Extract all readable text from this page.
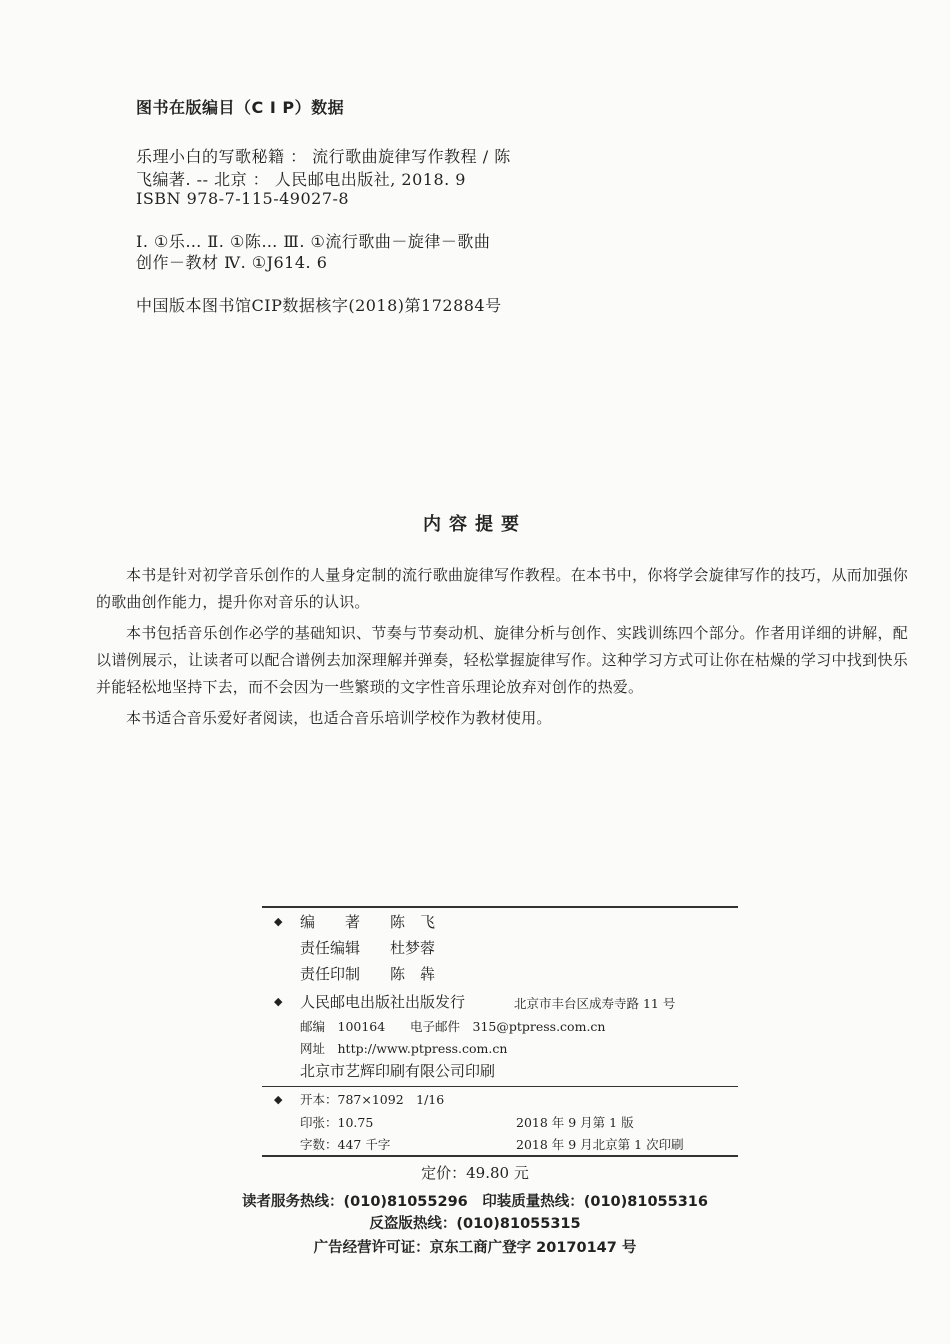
图书在版编目（C I P）数据
乐理小白的写歌秘籍 ： 流行歌曲旋律写作教程 / 陈
飞编著. -- 北京 ： 人民邮电出版社, 2018. 9
ISBN 978-7-115-49027-8
Ⅰ. ①乐… Ⅱ. ①陈… Ⅲ. ①流行歌曲－旋律－歌曲
创作－教材 Ⅳ. ①J614. 6
中国版本图书馆CIP数据核字(2018)第172884号
内容提要

本书是针对初学音乐创作的人量身定制的流行歌曲旋律写作教程。在本书中，你将学会旋律写作的技巧，从而加强你的歌曲创作能力，提升你对音乐的认识。

本书包括音乐创作必学的基础知识、节奏与节奏动机、旋律分析与创作、实践训练四个部分。作者用详细的讲解，配以谱例展示，让读者可以配合谱例去加深理解并弹奏，轻松掌握旋律写作。这种学习方式可让你在枯燥的学习中找到快乐并能轻松地坚持下去，而不会因为一些繁琐的文字性音乐理论放弃对创作的热爱。

本书适合音乐爱好者阅读，也适合音乐培训学校作为教材使用。

◆ 编　　著 陈　飞
责任编辑 杜梦蓉
责任印制 陈　犇
◆ 人民邮电出版社出版发行	北京市丰台区成寿寺路 11 号
邮编　100164 电子邮件　315@ptpress.com.cn
网址　http://www.ptpress.com.cn
北京市艺辉印刷有限公司印刷
◆ 开本：787×1092　1/16
印张：10.75	2018 年 9 月第 1 版
字数：447 千字	2018 年 9 月北京第 1 次印刷
定价：49.80 元
读者服务热线：(010)81055296　印装质量热线：(010)81055316
反盗版热线：(010)81055315
广告经营许可证：京东工商广登字 20170147 号
